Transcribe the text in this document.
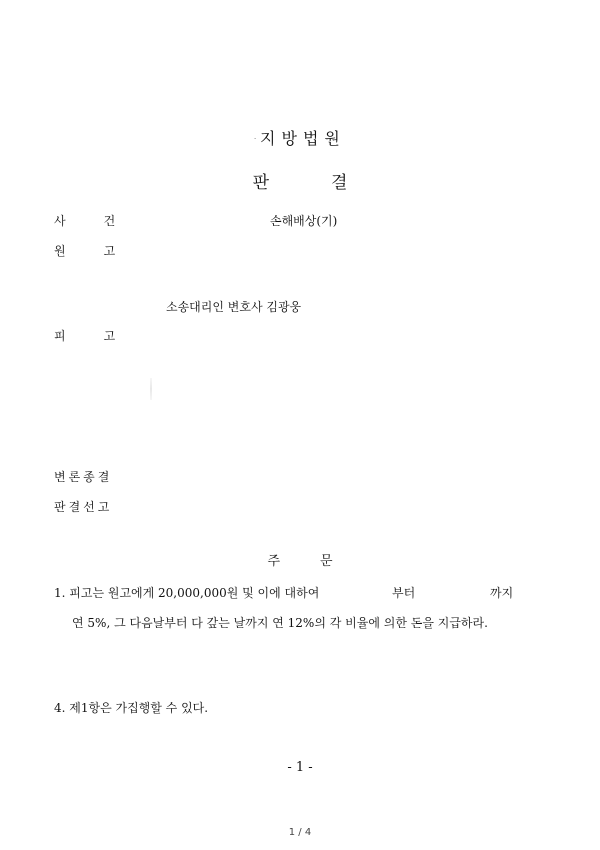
· 지방법원
판	결
사	건	손해배상(기)
원	고
소송대리인 변호사 김광웅
피	고
변론종결
판결선고
주	문
1. 피고는 원고에게 20,000,000원 및 이에 대하여	부터	까지
연 5%, 그 다음날부터 다 갚는 날까지 연 12%의 각 비율에 의한 돈을 지급하라.
4. 제1항은 가집행할 수 있다.
- 1 -
1 / 4
